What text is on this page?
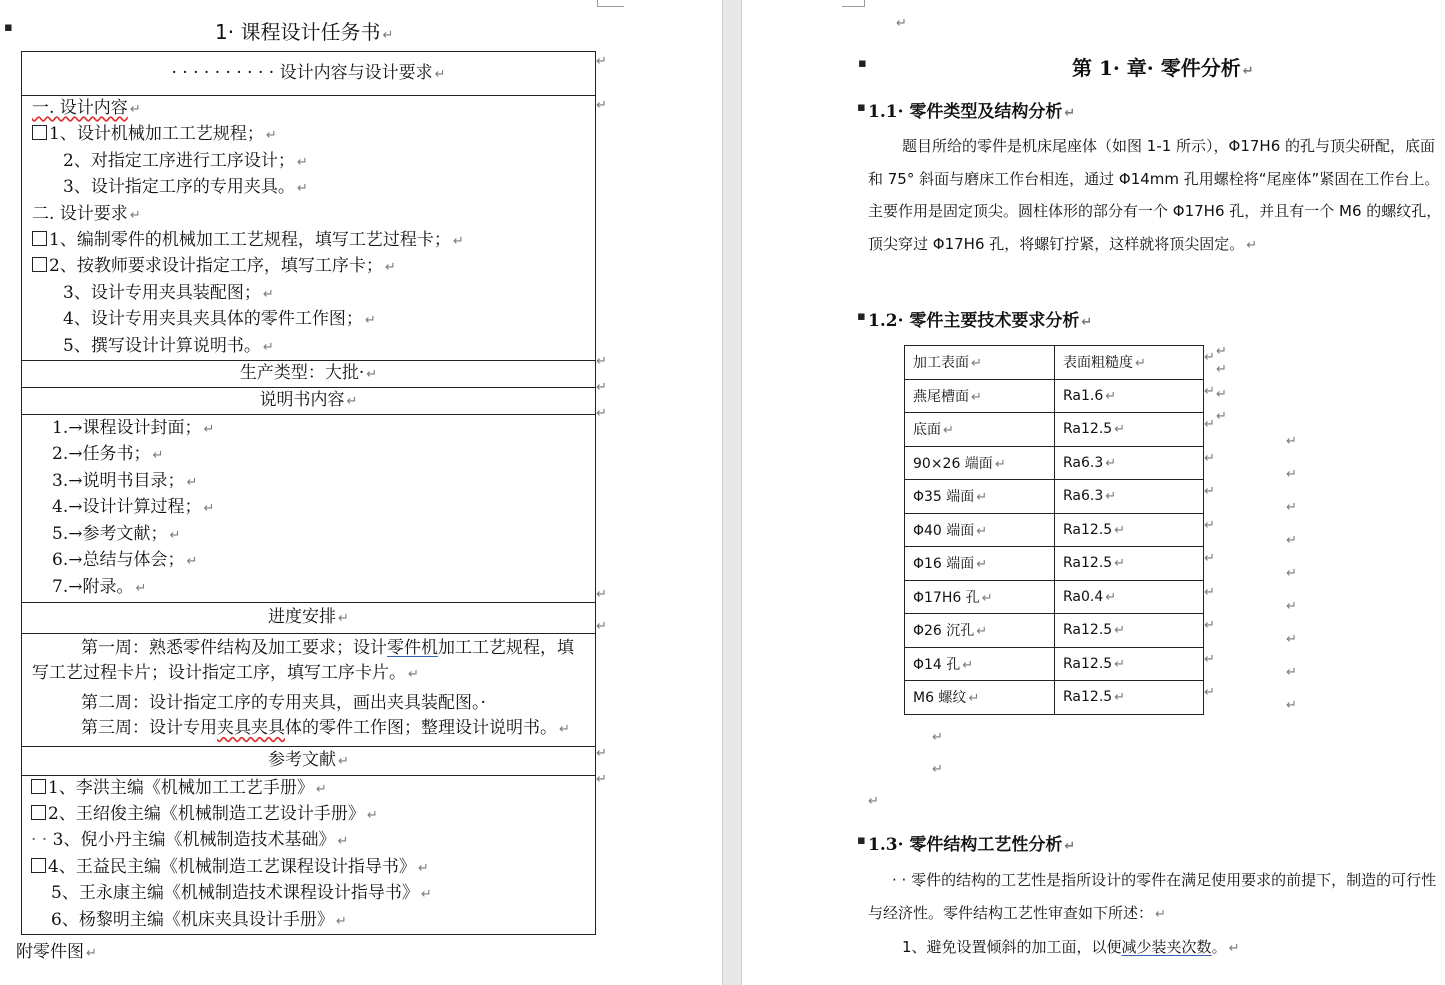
▪	1· 课程设计任务书 ↵
· · · · · · · · · · 设计内容与设计要求 ↵

一. 设计内容 ↵
1、设计机械加工工艺规程； ↵
2、对指定工序进行工序设计； ↵
3、设计指定工序的专用夹具。 ↵
二. 设计要求 ↵
1、编制零件的机械加工工艺规程，填写工艺过程卡； ↵
2、按教师要求设计指定工序，填写工序卡； ↵
3、设计专用夹具装配图； ↵
4、设计专用夹具夹具体的零件工作图； ↵
5、撰写设计计算说明书。 ↵

生产类型：大批· ↵
说明书内容 ↵

1.→课程设计封面； ↵
2.→任务书； ↵
3.→说明书目录； ↵
4.→设计计算过程； ↵
5.→参考文献； ↵
6.→总结与体会； ↵
7.→附录。 ↵

进度安排 ↵

第一周：熟悉零件结构及加工要求；设计零件机加工工艺规程，填写工艺过程卡片；设计指定工序，填写工序卡片。 ↵
第二周：设计指定工序的专用夹具，画出夹具装配图。·
第三周：设计专用夹具夹具体的零件工作图；整理设计说明书。 ↵

参考文献 ↵

1、李洪主编《机械加工工艺手册》 ↵
2、王绍俊主编《机械制造工艺设计手册》 ↵
· · 3、倪小丹主编《机械制造技术基础》 ↵
4、王益民主编《机械制造工艺课程设计指导书》 ↵
5、王永康主编《机械制造技术课程设计指导书》 ↵
6、杨黎明主编《机床夹具设计手册》 ↵
↵
↵
↵
↵
↵
↵
↵
↵
↵
附零件图 ↵
↵
▪	第 1· 章· 零件分析 ↵
▪ 1.1· 零件类型及结构分析 ↵
题目所给的零件是机床尾座体（如图 1-1 所示），Φ17H6 的孔与顶尖研配，底面和 75° 斜面与磨床工作台相连，通过 Φ14mm 孔用螺栓将“尾座体”紧固在工作台上。主要作用是固定顶尖。圆柱体形的部分有一个 Φ17H6 孔，并且有一个 M6 的螺纹孔，顶尖穿过 Φ17H6 孔，将螺钉拧紧，这样就将顶尖固定。 ↵
▪ 1.2· 零件主要技术要求分析 ↵
加工表面 ↵	表面粗糙度 ↵
燕尾槽面 ↵	Ra1.6 ↵
底面 ↵	Ra12.5 ↵
90×26 端面 ↵	Ra6.3 ↵
Φ35 端面 ↵	Ra6.3 ↵
Φ40 端面 ↵	Ra12.5 ↵
Φ16 端面 ↵	Ra12.5 ↵
Φ17H6 孔 ↵	Ra0.4 ↵
Φ26 沉孔 ↵	Ra12.5 ↵
Φ14 孔 ↵	Ra12.5 ↵
M6 螺纹 ↵	Ra12.5 ↵
↵ ↵
↵
↵ ↵
↵
↵
↵
↵
↵
↵
↵
↵
↵
↵
↵
↵
↵
↵
↵
↵
↵
↵
↵
↵
↵
↵
▪ 1.3· 零件结构工艺性分析 ↵
· · 零件的结构的工艺性是指所设计的零件在满足使用要求的前提下，制造的可行性与经济性。零件结构工艺性审查如下所述： ↵
1、避免设置倾斜的加工面，以便减少装夹次数。 ↵
